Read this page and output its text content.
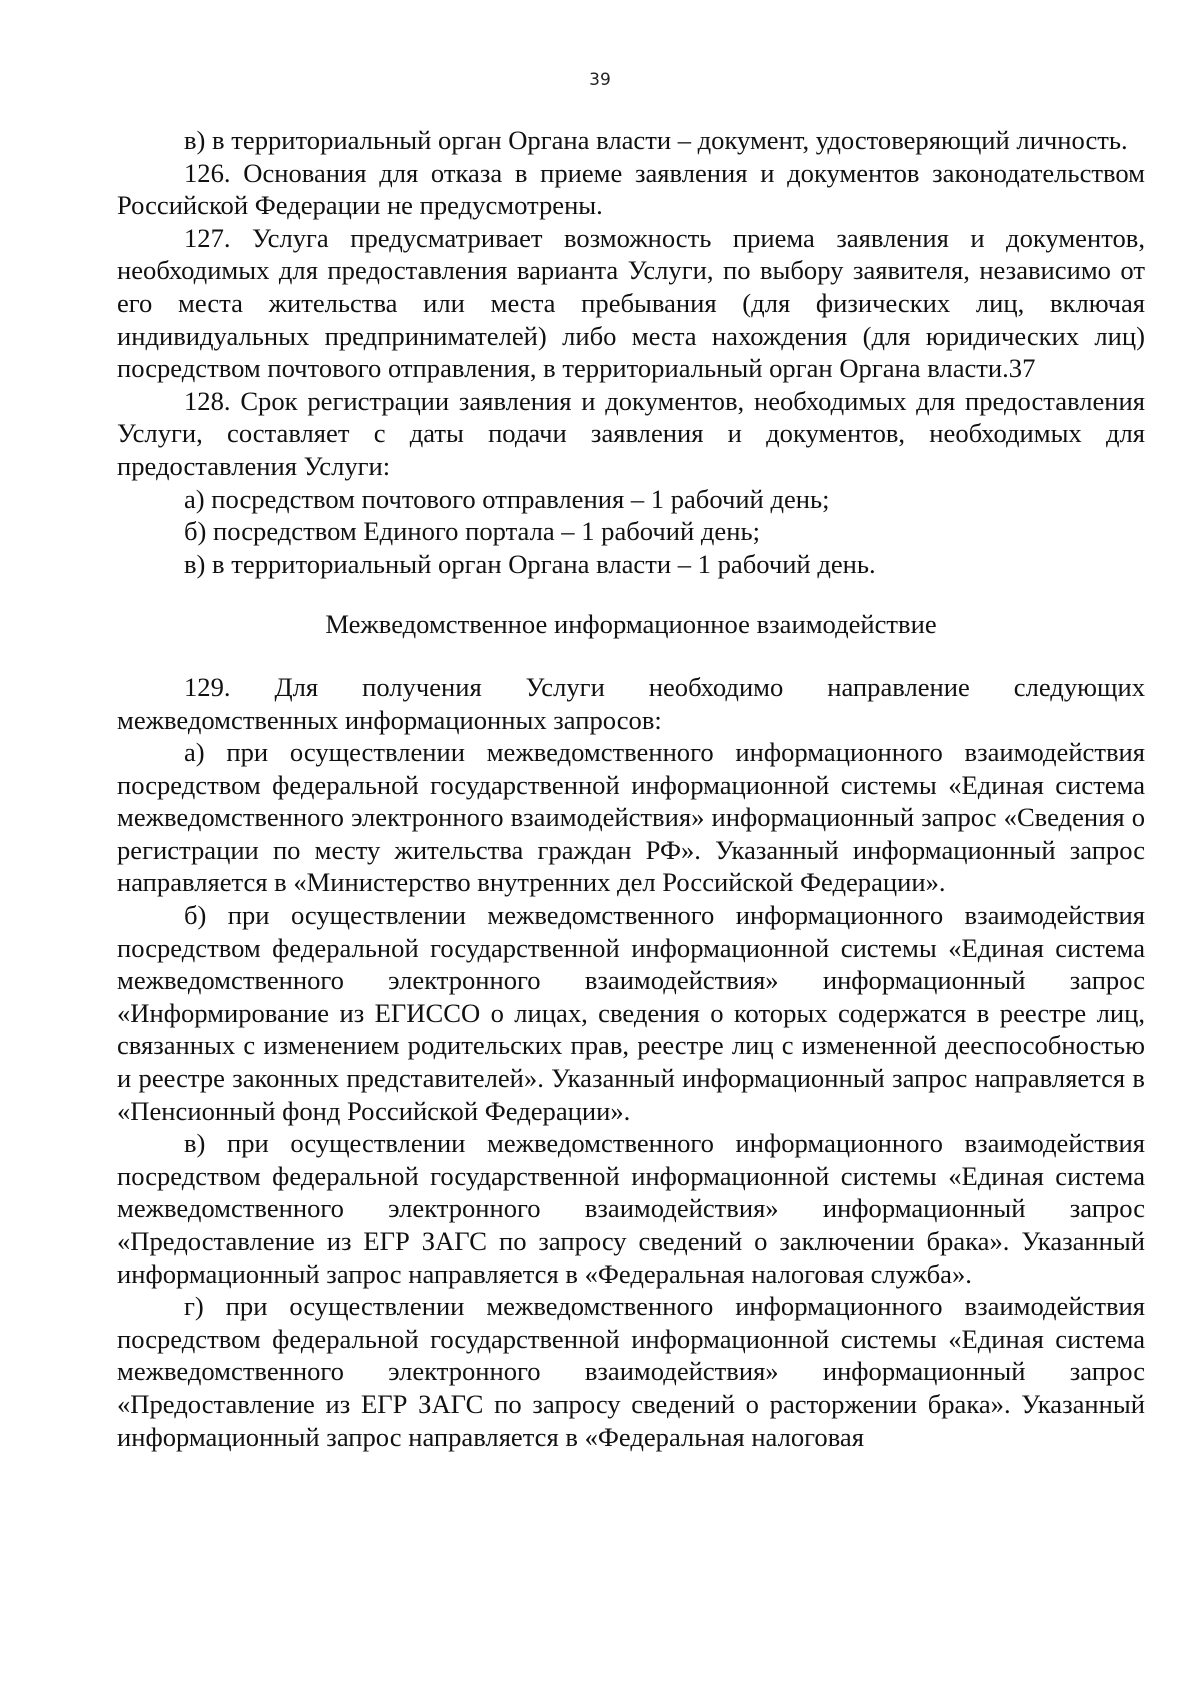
39

в) в территориальный орган Органа власти – документ, удостоверяющий личность.

126. Основания для отказа в приеме заявления и документов законодательством Российской Федерации не предусмотрены.

127. Услуга предусматривает возможность приема заявления и документов, необходимых для предоставления варианта Услуги, по выбору заявителя, независимо от его места жительства или места пребывания (для физических лиц, включая индивидуальных предпринимателей) либо места нахождения (для юридических лиц) посредством почтового отправления, в территориальный орган Органа власти.37

128. Срок регистрации заявления и документов, необходимых для предоставления Услуги, составляет с даты подачи заявления и документов, необходимых для предоставления Услуги:

а) посредством почтового отправления – 1 рабочий день;

б) посредством Единого портала – 1 рабочий день;

в) в территориальный орган Органа власти – 1 рабочий день.

Межведомственное информационное взаимодействие

129. Для получения Услуги необходимо направление следующих межведомственных информационных запросов:

а) при осуществлении межведомственного информационного взаимодействия посредством федеральной государственной информационной системы «Единая система межведомственного электронного взаимодействия» информационный запрос «Сведения о регистрации по месту жительства граждан РФ». Указанный информационный запрос направляется в «Министерство внутренних дел Российской Федерации».

б) при осуществлении межведомственного информационного взаимодействия посредством федеральной государственной информационной системы «Единая система межведомственного электронного взаимодействия» информационный запрос «Информирование из ЕГИССО о лицах, сведения о которых содержатся в реестре лиц, связанных с изменением родительских прав, реестре лиц с измененной дееспособностью и реестре законных представителей». Указанный информационный запрос направляется в «Пенсионный фонд Российской Федерации».

в) при осуществлении межведомственного информационного взаимодействия посредством федеральной государственной информационной системы «Единая система межведомственного электронного взаимодействия» информационный запрос «Предоставление из ЕГР ЗАГС по запросу сведений о заключении брака». Указанный информационный запрос направляется в «Федеральная налоговая служба».

г) при осуществлении межведомственного информационного взаимодействия посредством федеральной государственной информационной системы «Единая система межведомственного электронного взаимодействия» информационный запрос «Предоставление из ЕГР ЗАГС по запросу сведений о расторжении брака». Указанный информационный запрос направляется в «Федеральная налоговая
